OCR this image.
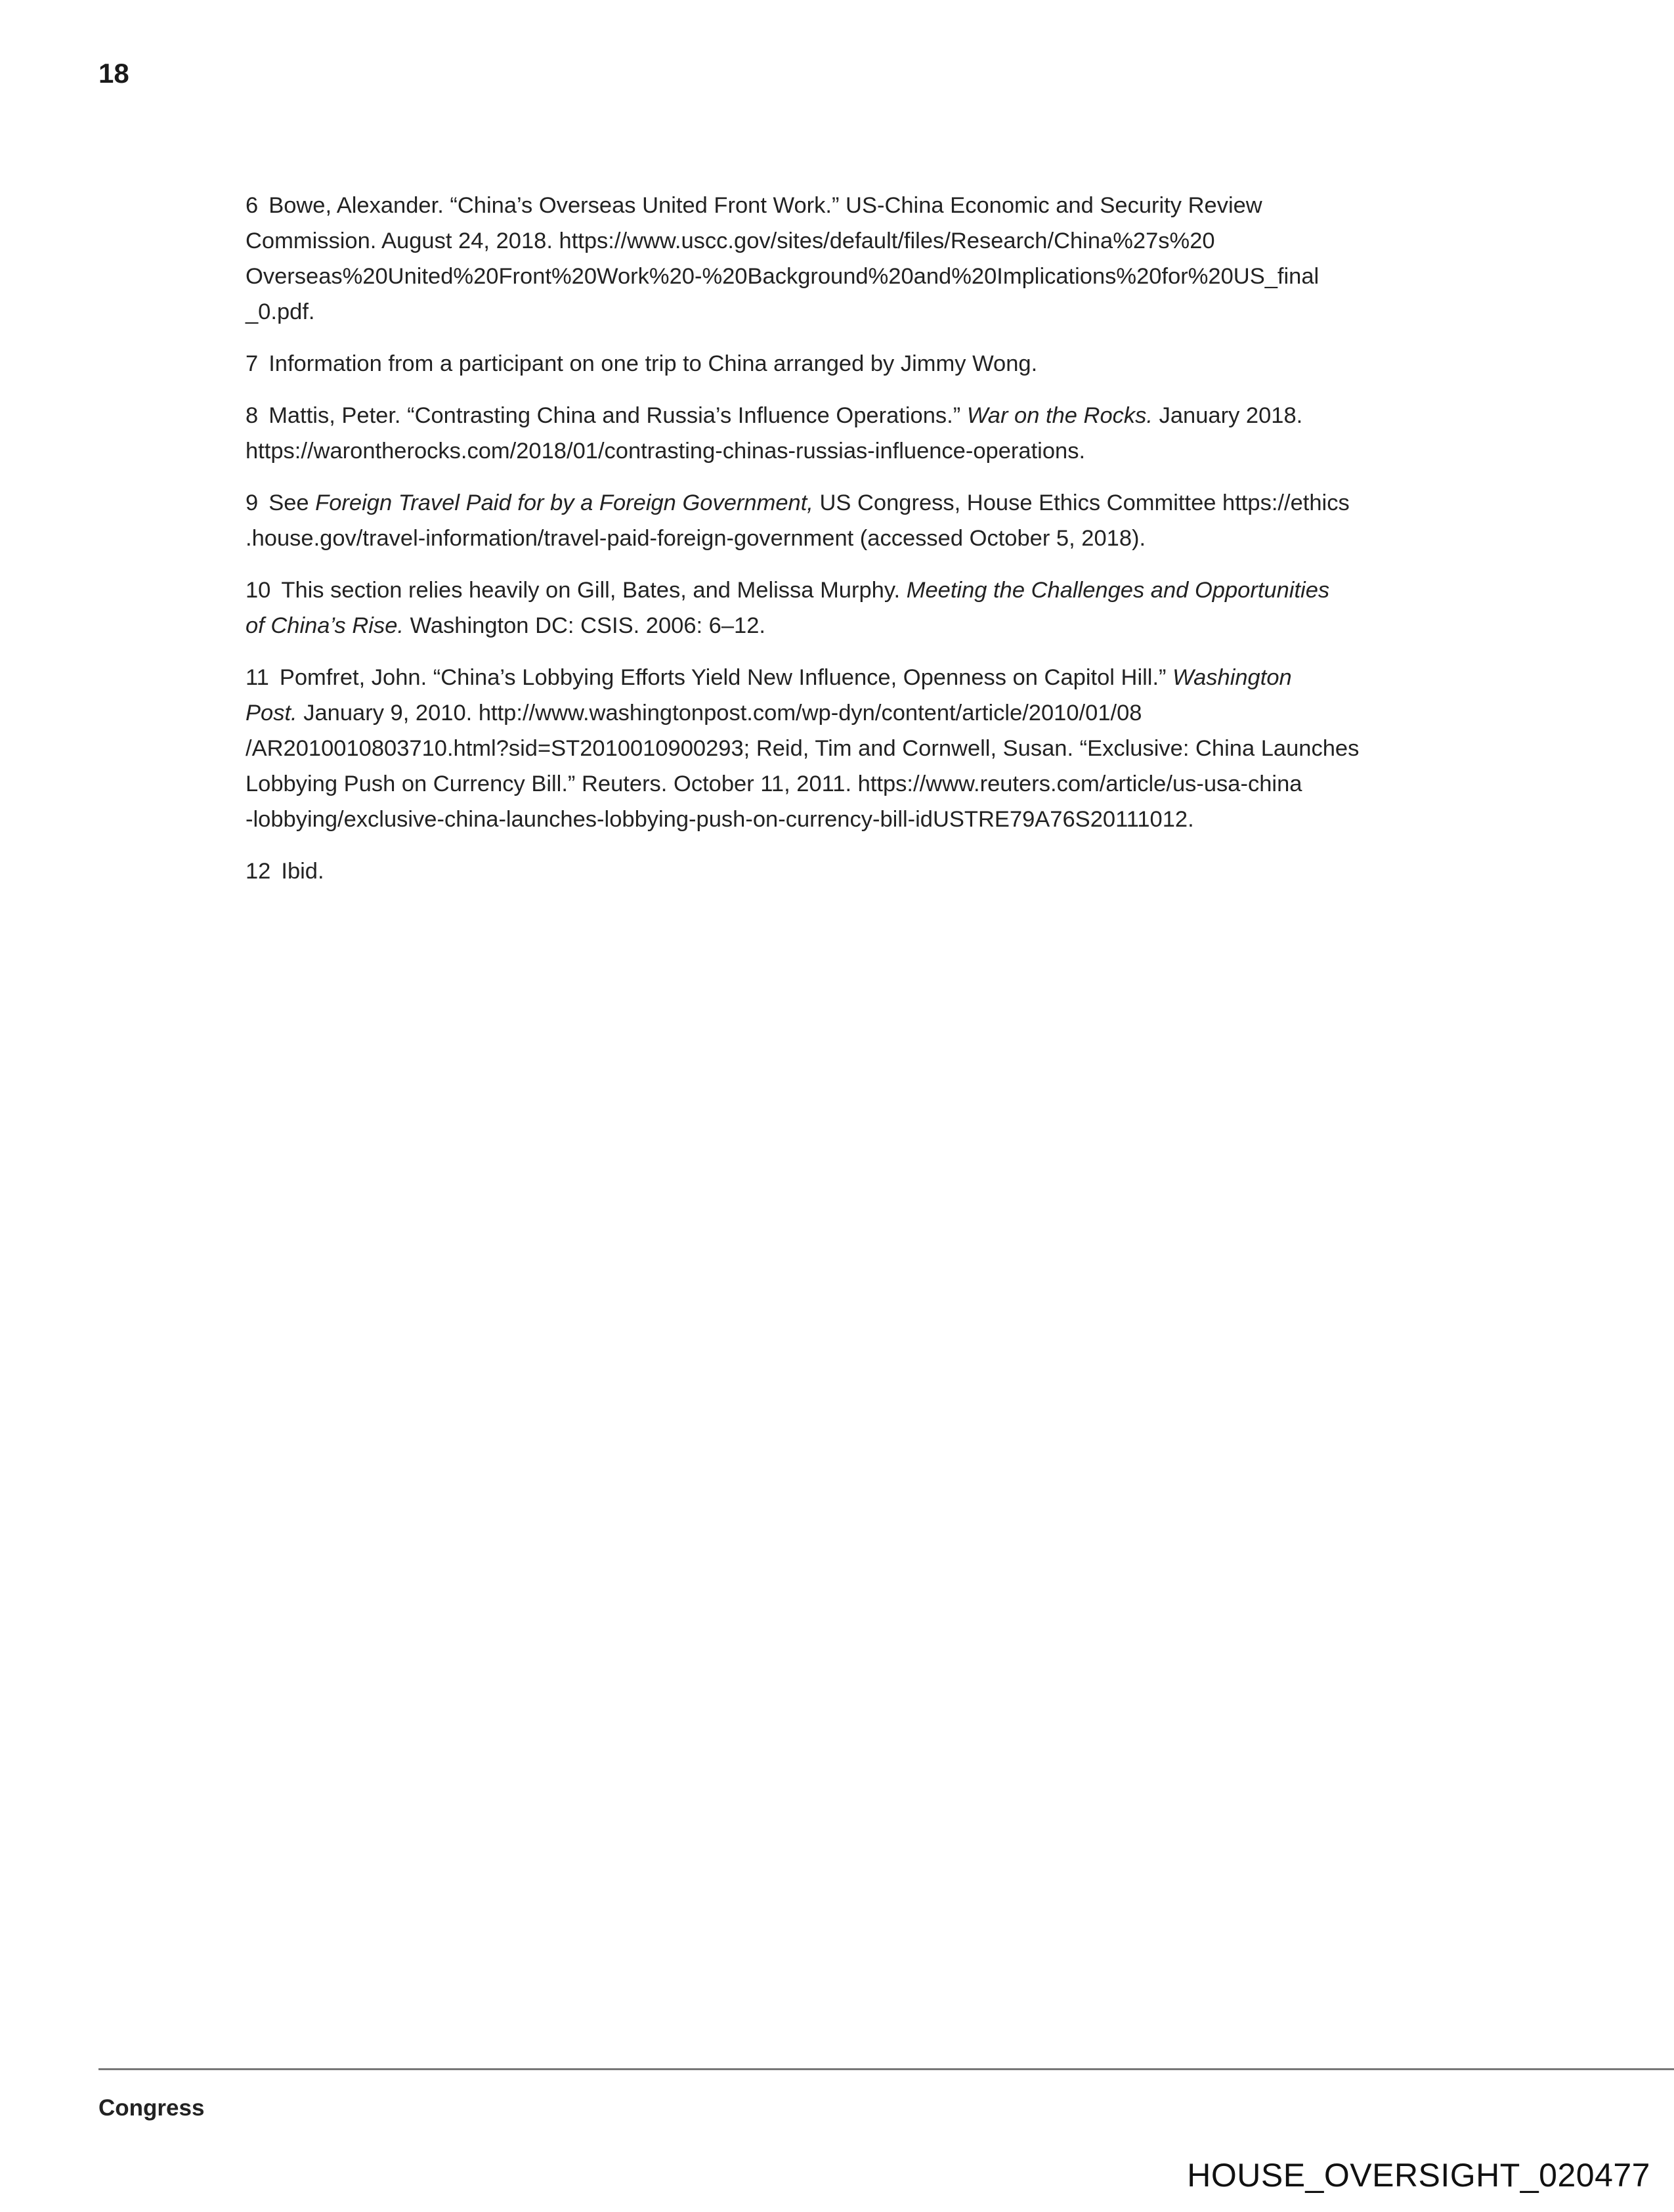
18

6 Bowe, Alexander. “China’s Overseas United Front Work.” US-China Economic and Security Review
Commission. August 24, 2018. https://www.uscc.gov/sites/default/files/Research/China%27s%20
Overseas%20United%20Front%20Work%20-%20Background%20and%20Implications%20for%20US_final
_0.pdf.

7 Information from a participant on one trip to China arranged by Jimmy Wong.

8 Mattis, Peter. “Contrasting China and Russia’s Influence Operations.” War on the Rocks. January 2018.
https://warontherocks.com/2018/01/contrasting-chinas-russias-influence-operations.

9 See Foreign Travel Paid for by a Foreign Government, US Congress, House Ethics Committee https://ethics
.house.gov/travel-information/travel-paid-foreign-government (accessed October 5, 2018).

10 This section relies heavily on Gill, Bates, and Melissa Murphy. Meeting the Challenges and Opportunities
of China’s Rise. Washington DC: CSIS. 2006: 6–12.

11 Pomfret, John. “China’s Lobbying Efforts Yield New Influence, Openness on Capitol Hill.” Washington
Post. January 9, 2010. http://www.washingtonpost.com/wp-dyn/content/article/2010/01/08
/AR2010010803710.html?sid=ST2010010900293; Reid, Tim and Cornwell, Susan. “Exclusive: China Launches
Lobbying Push on Currency Bill.” Reuters. October 11, 2011. https://www.reuters.com/article/us-usa-china
-lobbying/exclusive-china-launches-lobbying-push-on-currency-bill-idUSTRE79A76S20111012.

12 Ibid.

Congress
HOUSE_OVERSIGHT_020477
